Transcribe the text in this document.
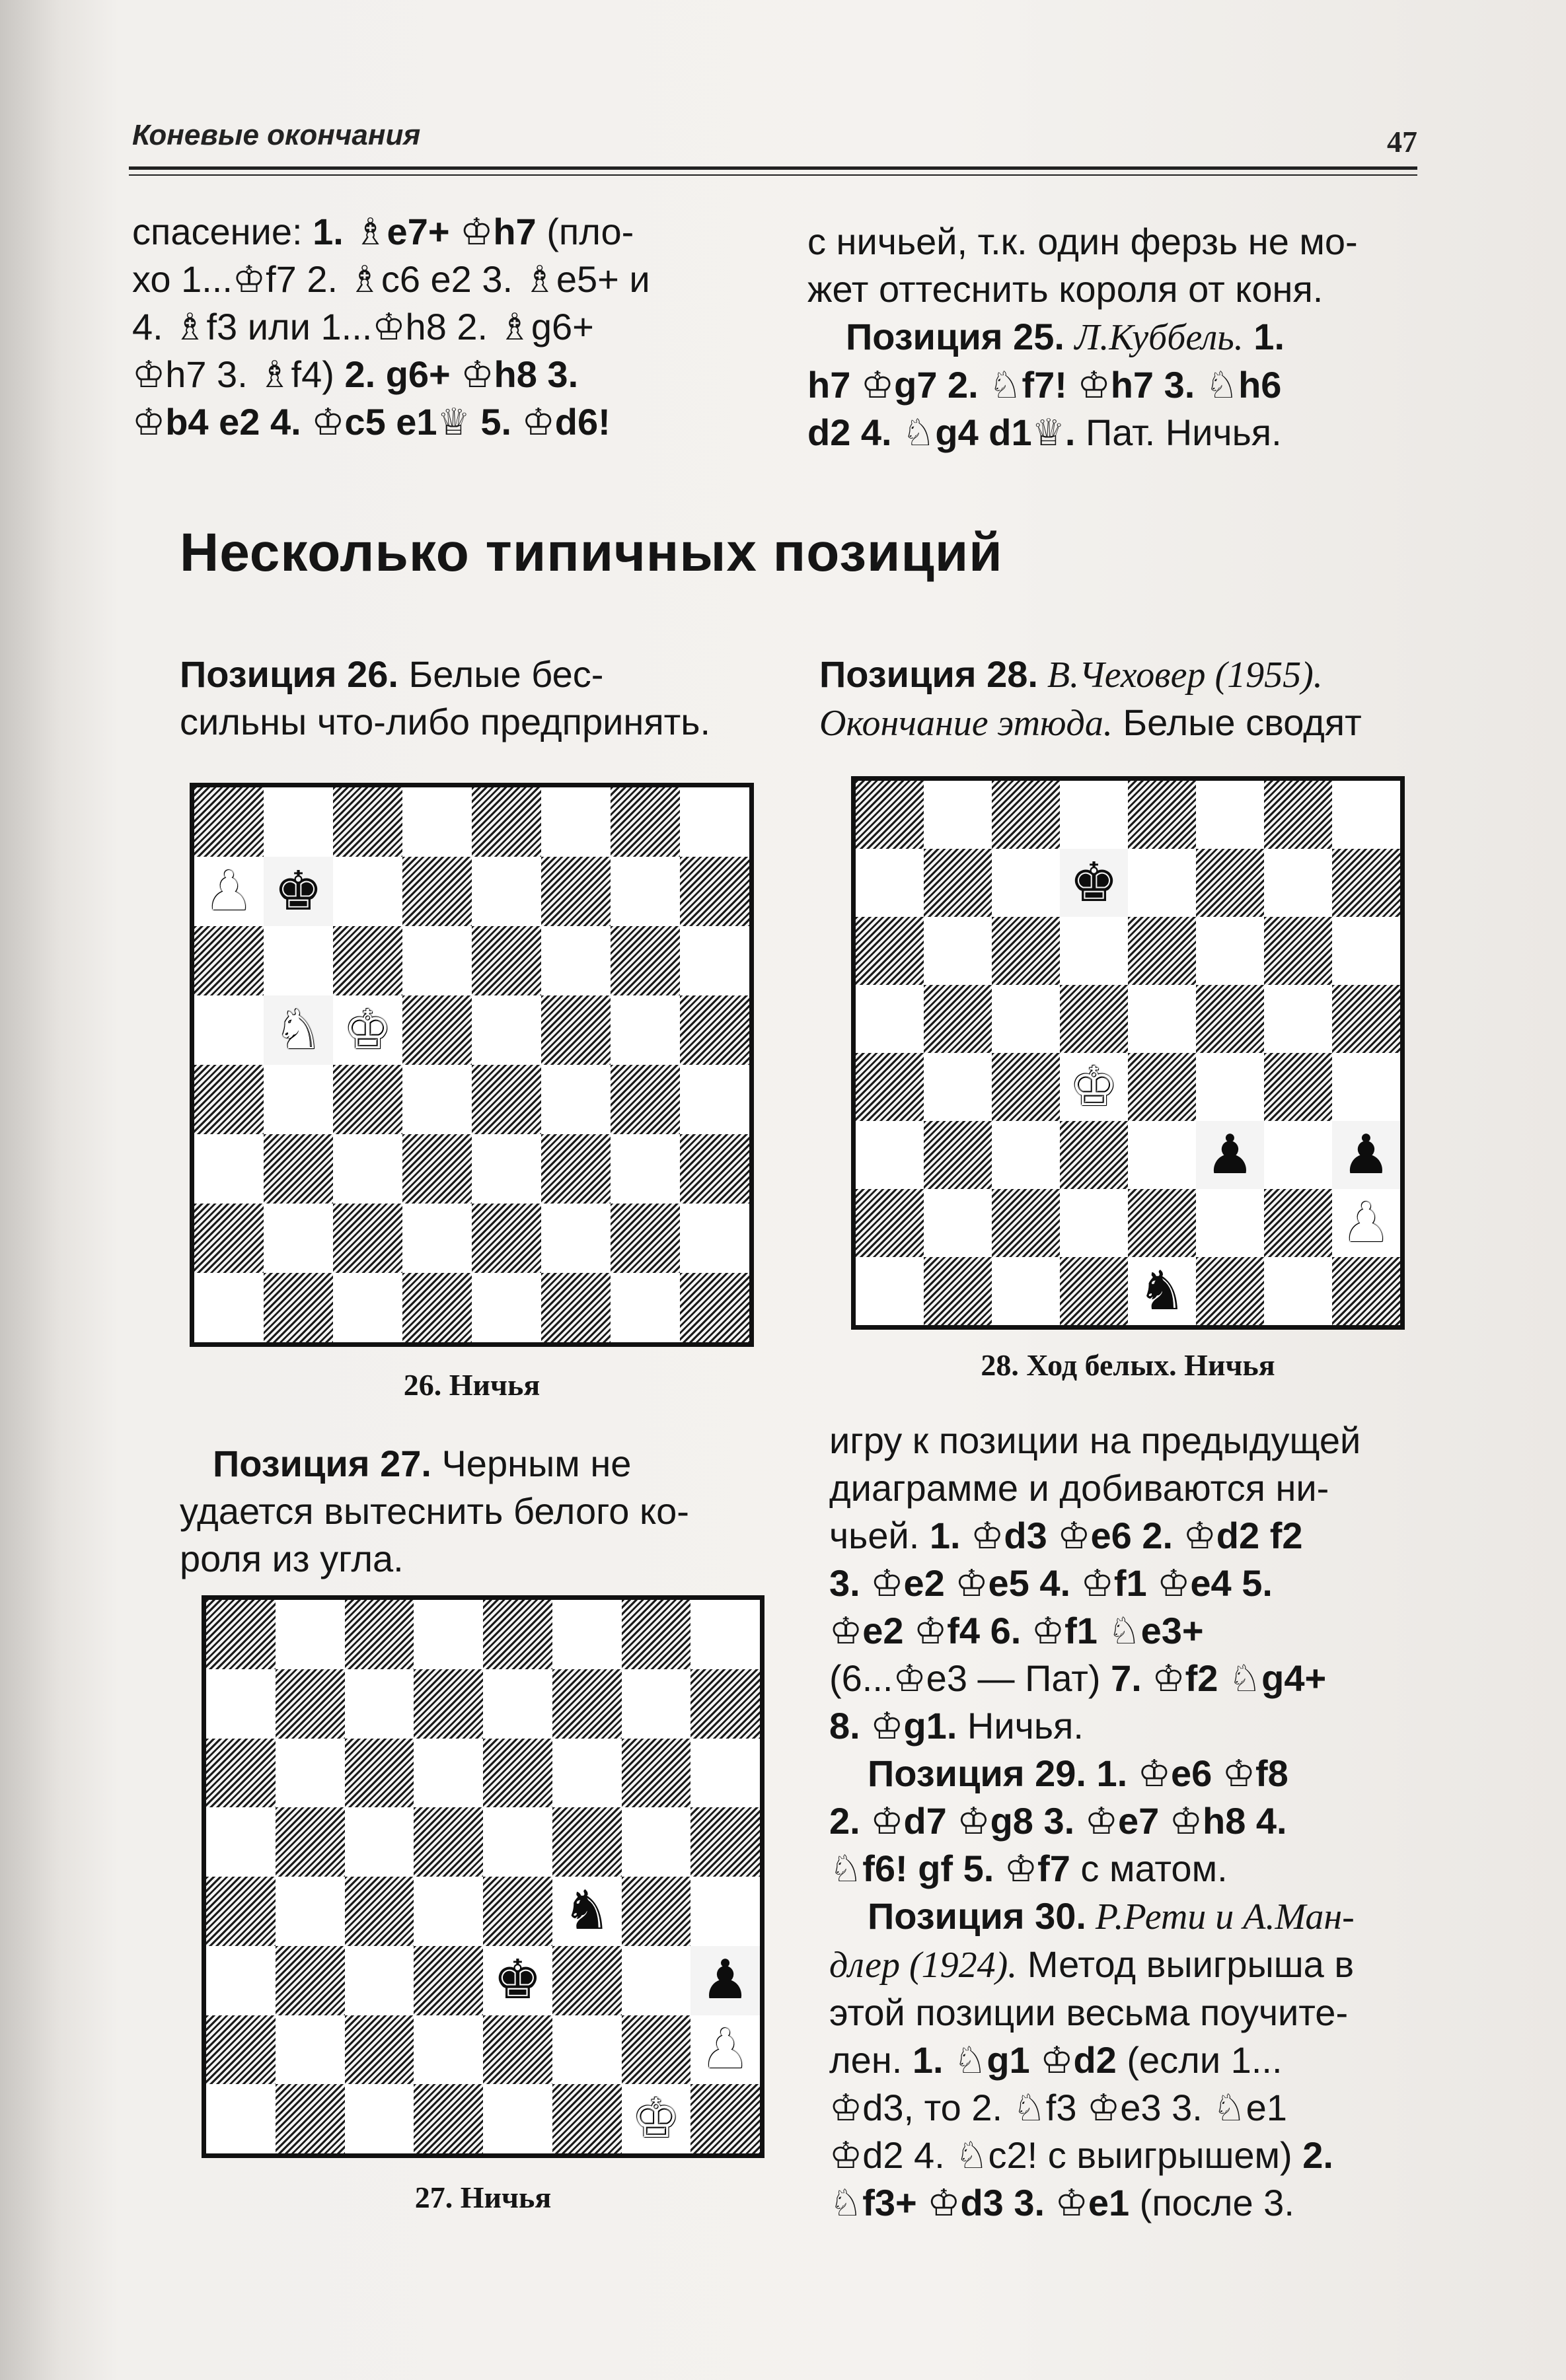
Коневые окончания	47

спасение: 1. ♗e7+ ♔h7 (пло-

хо 1...♔f7 2. ♗c6 e2 3. ♗e5+ и

4. ♗f3 или 1...♔h8 2. ♗g6+

♔h7 3. ♗f4) 2. g6+ ♔h8 3.

♔b4 e2 4. ♔c5 e1♕ 5. ♔d6!

с ничьей, т.к. один ферзь не мо-

жет оттеснить короля от коня.

Позиция 25. Л.Куббель. 1.

h7 ♔g7 2. ♘f7! ♔h7 3. ♘h6

d2 4. ♘g4 d1♕. Пат. Ничья.

Несколько типичных позиций

Позиция 26. Белые бес-

сильны что-либо предпринять.

Позиция 28. В.Чеховер (1955).

Окончание этюда. Белые сводят

♟ ♚
♞ ♚
26. Ничья
♚
♚
♟ ♟
♟
♞
28. Ход белых. Ничья

Позиция 27. Черным не

удается вытеснить белого ко-

роля из угла.

♞
♚	♟
♟
♚
27. Ничья

игру к позиции на предыдущей

диаграмме и добиваются ни-

чьей. 1. ♔d3 ♔e6 2. ♔d2 f2

3. ♔e2 ♔e5 4. ♔f1 ♔e4 5.

♔e2 ♔f4 6. ♔f1 ♘e3+

(6...♔e3 — Пат) 7. ♔f2 ♘g4+

8. ♔g1. Ничья.

Позиция 29. 1. ♔e6 ♔f8

2. ♔d7 ♔g8 3. ♔e7 ♔h8 4.

♘f6! gf 5. ♔f7 с матом.

Позиция 30. Р.Рети и А.Ман-

длер (1924). Метод выигрыша в

этой позиции весьма поучите-

лен. 1. ♘g1 ♔d2 (если 1...

♔d3, то 2. ♘f3 ♔e3 3. ♘e1

♔d2 4. ♘c2! с выигрышем) 2.

♘f3+ ♔d3 3. ♔e1 (после 3.
